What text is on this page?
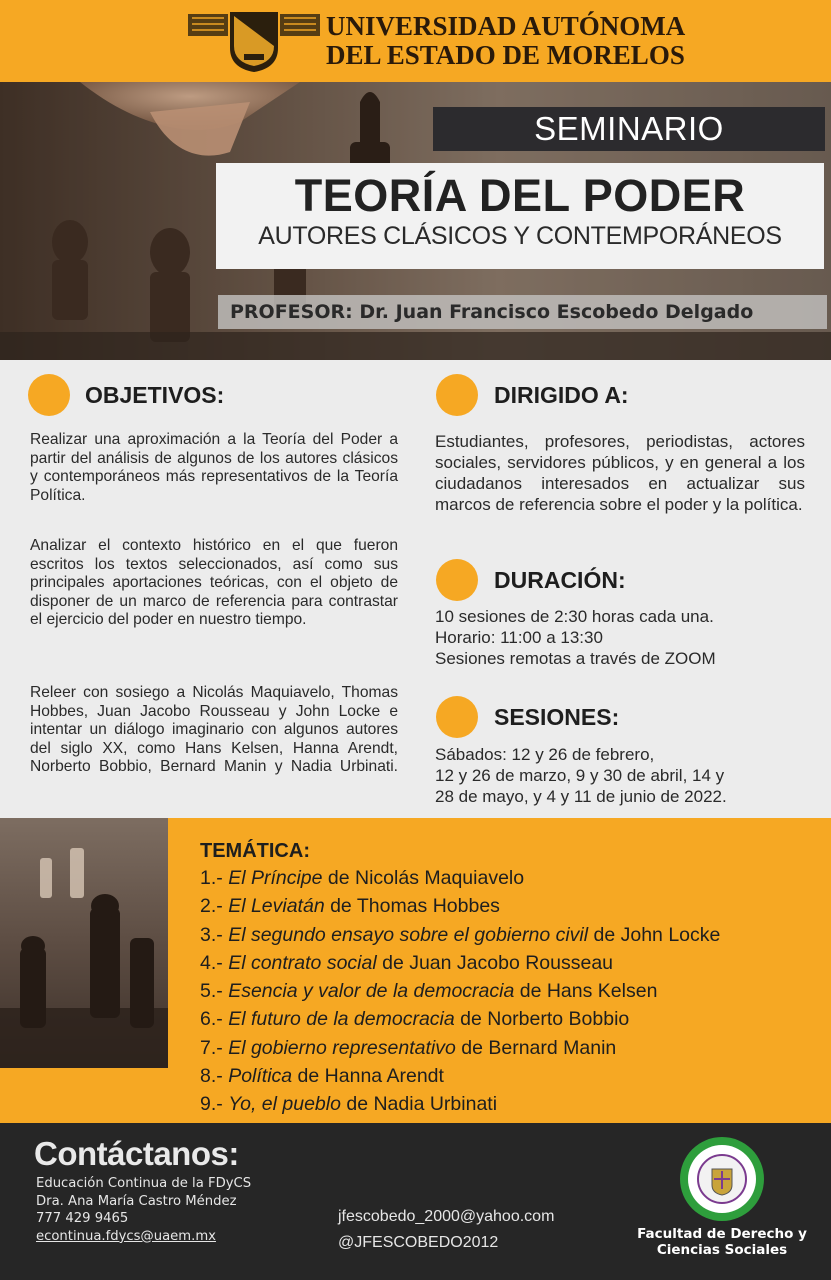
UNIVERSIDAD AUTÓNOMA
DEL ESTADO DE MORELOS
SEMINARIO
TEORÍA DEL PODER
AUTORES CLÁSICOS Y CONTEMPORÁNEOS
PROFESOR: Dr. Juan Francisco Escobedo Delgado
OBJETIVOS:
Realizar una aproximación a la Teoría del Poder a partir del análisis de algunos de los autores clásicos y contemporáneos más representativos de la Teoría Política.
Analizar el contexto histórico en el que fueron escritos los textos seleccionados, así como sus principales aportaciones teóricas, con el objeto de disponer de un marco de referencia para contrastar el ejercicio del poder en nuestro tiempo.
Releer con sosiego a Nicolás Maquiavelo, Thomas Hobbes, Juan Jacobo Rousseau y John Locke e intentar un diálogo imaginario con algunos autores del siglo XX, como Hans Kelsen, Hanna Arendt, Norberto Bobbio, Bernard Manin y Nadia Urbinati.
DIRIGIDO A:
Estudiantes, profesores, periodistas, actores sociales, servidores públicos, y en general a los ciudadanos interesados en actualizar sus marcos de referencia sobre el poder y la política.
DURACIÓN:
10 sesiones de 2:30 horas cada una.
Horario: 11:00 a 13:30
Sesiones remotas a través de ZOOM
SESIONES:
Sábados: 12 y 26 de febrero,
12 y 26 de marzo, 9 y 30 de abril, 14 y
28 de mayo, y 4 y 11 de junio de 2022.
TEMÁTICA:
1.- El Príncipe de Nicolás Maquiavelo
2.- El Leviatán de Thomas Hobbes
3.- El segundo ensayo sobre el gobierno civil de John Locke
4.- El contrato social de Juan Jacobo Rousseau
5.- Esencia y valor de la democracia de Hans Kelsen
6.- El futuro de la democracia de Norberto Bobbio
7.- El gobierno representativo de Bernard Manin
8.- Política de Hanna Arendt
9.- Yo, el pueblo de Nadia Urbinati
Contáctanos:
Educación Continua de la FDyCS
Dra. Ana María Castro Méndez
777 429 9465
econtinua.fdycs@uaem.mx
jfescobedo_2000@yahoo.com
@JFESCOBEDO2012	Facultad de Derecho y
Ciencias Sociales
